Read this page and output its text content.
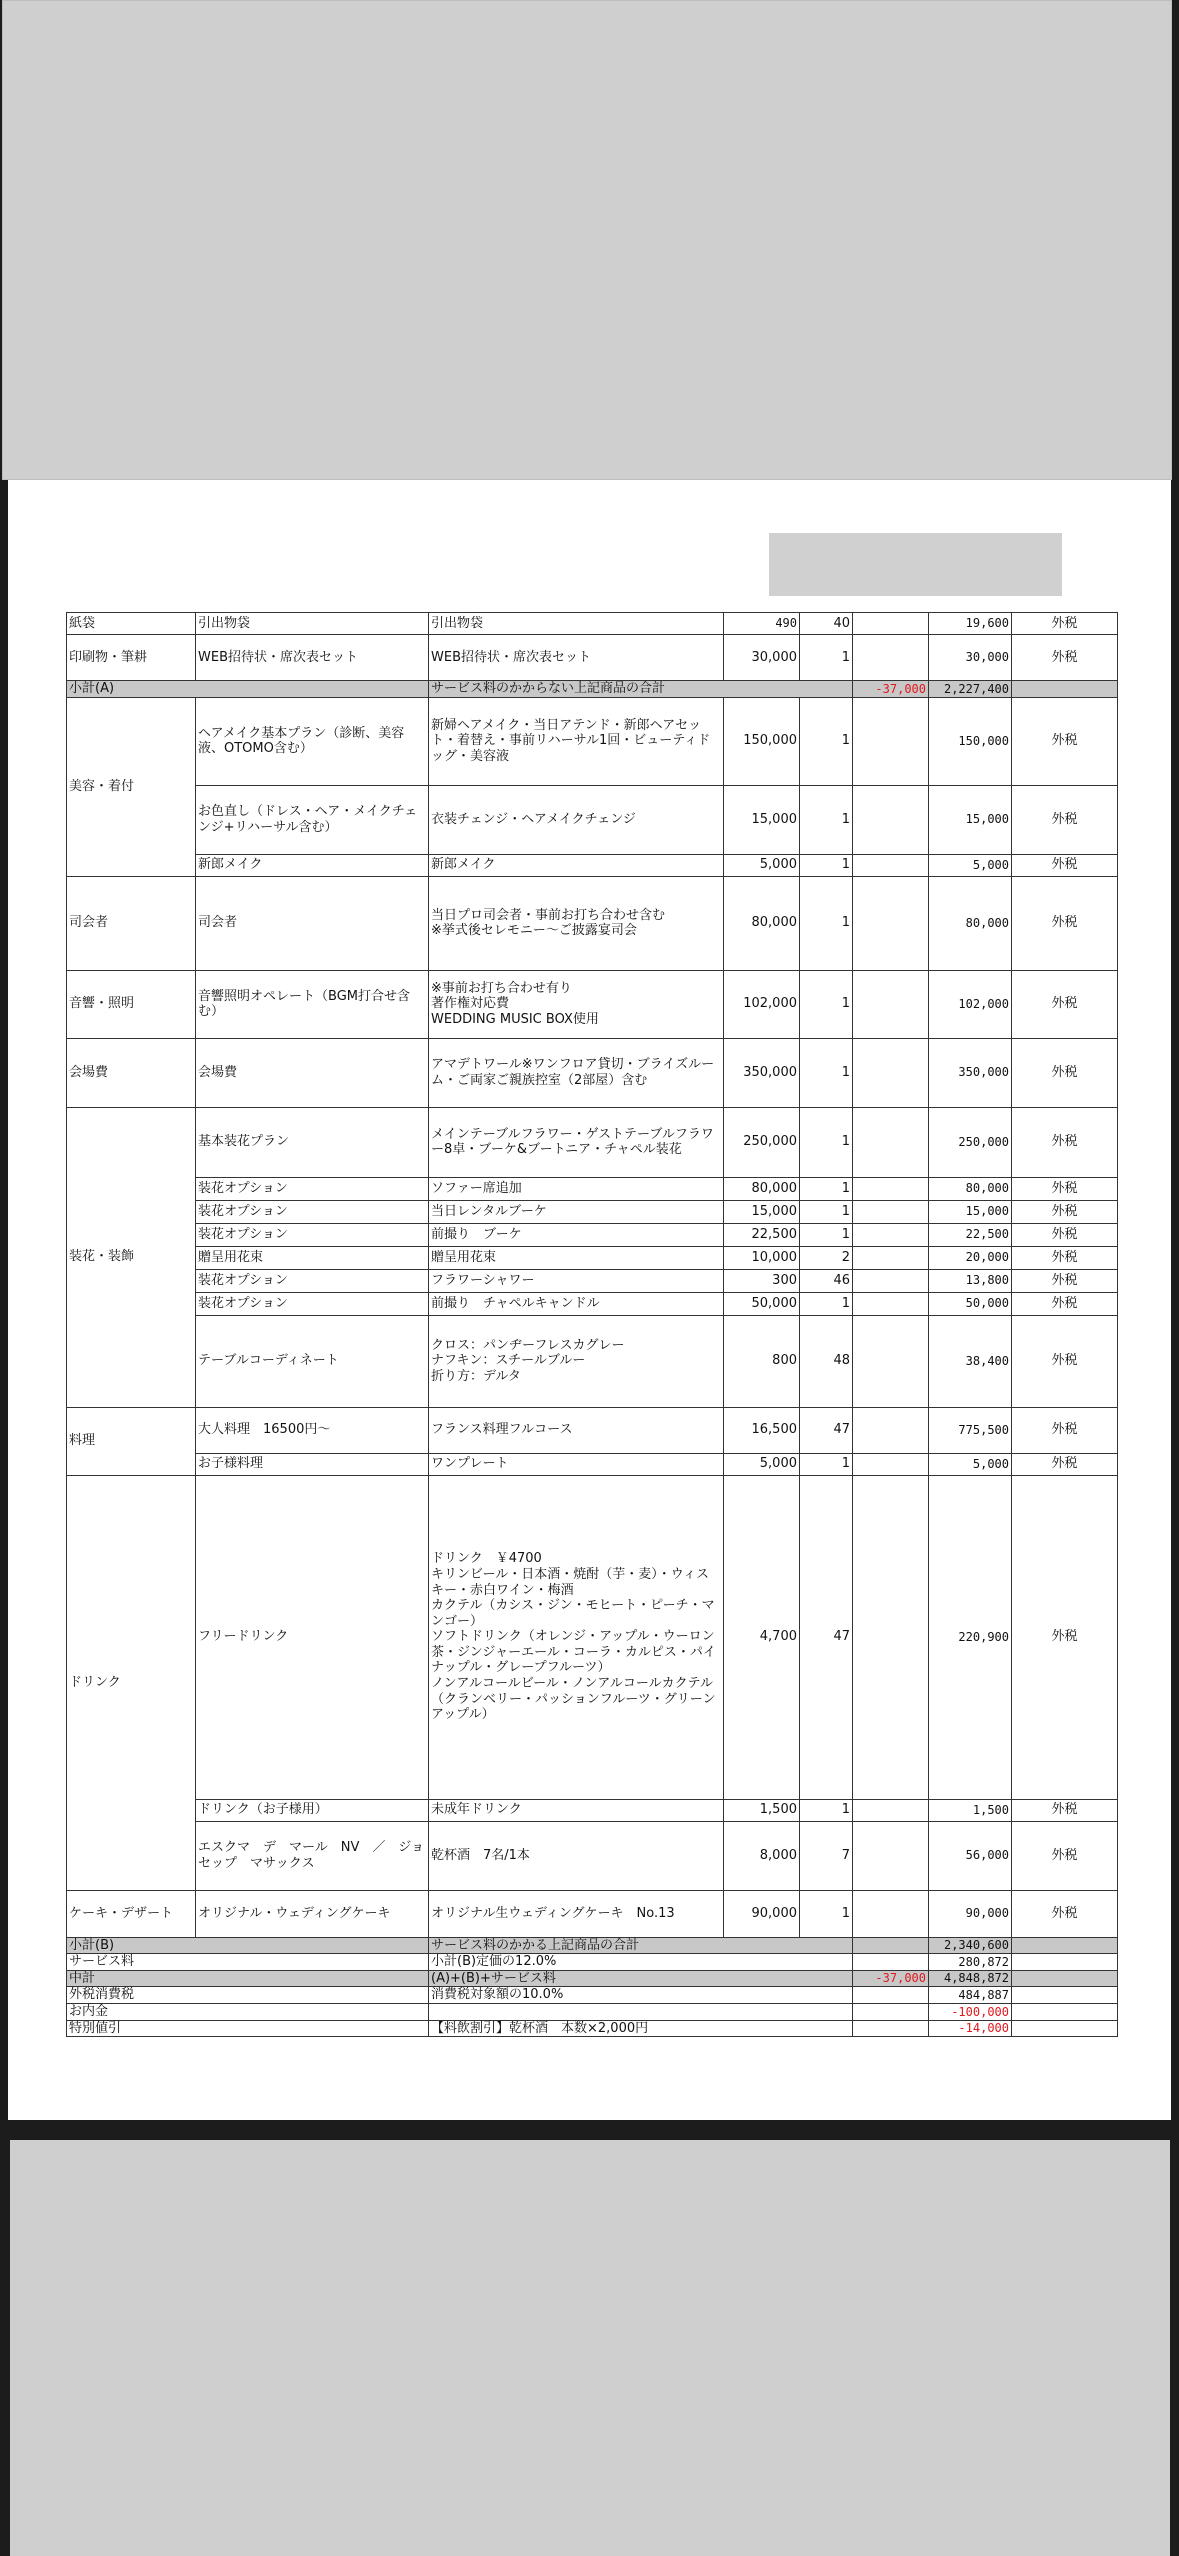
紙袋	引出物袋	引出物袋	490	40		19,600	外税
印刷物・筆耕	WEB招待状・席次表セット	WEB招待状・席次表セット	30,000	1		30,000	外税
小計(A)		サービス料のかからない上記商品の合計			-37,000	2,227,400	
美容・着付	ヘアメイク基本プラン（診断、美容液、OTOMO含む）	新婦ヘアメイク・当日アテンド・新郎ヘアセット・着替え・事前リハーサル1回・ビューティドッグ・美容液	150,000	1		150,000	外税
	お色直し（ドレス・ヘア・メイクチェンジ+リハーサル含む）	衣装チェンジ・ヘアメイクチェンジ	15,000	1		15,000	外税
	新郎メイク	新郎メイク	5,000	1		5,000	外税
司会者	司会者	当日プロ司会者・事前お打ち合わせ含む
※挙式後セレモニー〜ご披露宴司会	80,000	1		80,000	外税
音響・照明	音響照明オペレート（BGM打合せ含む）	※事前お打ち合わせ有り
著作権対応費
WEDDING MUSIC BOX使用	102,000	1		102,000	外税
会場費	会場費	アマデトワール※ワンフロア貸切・ブライズルーム・ご両家ご親族控室（2部屋）含む	350,000	1		350,000	外税
装花・装飾	基本装花プラン	メインテーブルフラワー・ゲストテーブルフラワー8卓・ブーケ&ブートニア・チャペル装花	250,000	1		250,000	外税
	装花オプション	ソファー席追加	80,000	1		80,000	外税
	装花オプション	当日レンタルブーケ	15,000	1		15,000	外税
	装花オプション	前撮り　ブーケ	22,500	1		22,500	外税
	贈呈用花束	贈呈用花束	10,000	2		20,000	外税
	装花オプション	フラワーシャワー	300	46		13,800	外税
	装花オプション	前撮り　チャペルキャンドル	50,000	1		50,000	外税
	テーブルコーディネート	クロス：パンヂーフレスカグレー
ナフキン：スチールブルー
折り方：デルタ	800	48		38,400	外税
料理	大人料理　16500円〜	フランス料理フルコース	16,500	47		775,500	外税
	お子様料理	ワンプレート	5,000	1		5,000	外税
ドリンク	フリードリンク	ドリンク　￥4700
キリンビール・日本酒・焼酎（芋・麦）・ウィスキー・赤白ワイン・梅酒
カクテル（カシス・ジン・モヒート・ピーチ・マンゴー）
ソフトドリンク（オレンジ・アップル・ウーロン茶・ジンジャーエール・コーラ・カルピス・パイナップル・グレープフルーツ）
ノンアルコールビール・ノンアルコールカクテル（クランベリー・パッションフルーツ・グリーンアップル）	4,700	47		220,900	外税
	ドリンク（お子様用）	未成年ドリンク	1,500	1		1,500	外税
	エスクマ　デ　マール　NV　／　ジョセップ　マサックス	乾杯酒　7名/1本	8,000	7		56,000	外税
ケーキ・デザート	オリジナル・ウェディングケーキ	オリジナル生ウェディングケーキ　No.13	90,000	1		90,000	外税
小計(B)		サービス料のかかる上記商品の合計				2,340,600	
サービス料		小計(B)定価の12.0%				280,872	
中計		(A)+(B)+サービス料			-37,000	4,848,872	
外税消費税		消費税対象額の10.0%				484,887	
お内金						-100,000	
特別値引		【料飲割引】乾杯酒　本数×2,000円				-14,000	
